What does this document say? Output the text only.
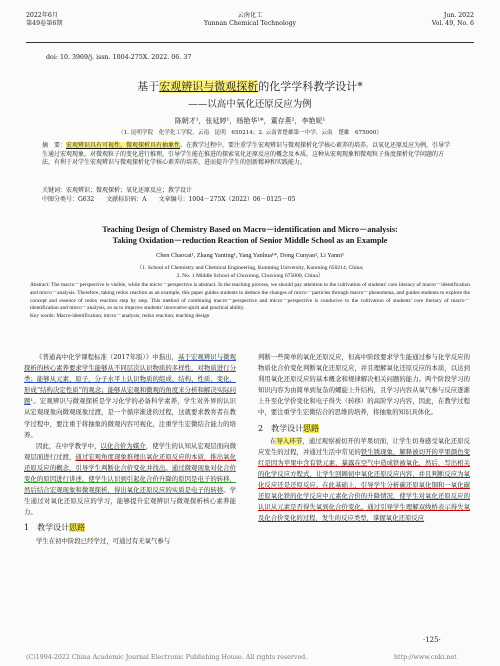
2022年6月
第49卷第6期
云南化工
Yunnan Chemical Technology
Jun. 2022
Vol. 49, No. 6
doi: 10. 3969/j. issn. 1004-275X. 2022. 06. 37
基于宏观辨识与微观探析的化学学科教学设计*
——以高中氧化还原反应为例
陈朝才¹，张延婷¹，杨艳华¹*，董存燕²，李艳妮¹
（1. 昆明学院　化学化工学院，云南　昆明　650214；2. 云南省楚雄第一中学，云南　楚雄　675000）
摘　要：宏观辨识具有可视性，微观探析具有抽象性。在教学过程中，要注重学生宏观辨识与微观探析化学核心素养的培养。以氧化还原反应为例，引导学生通过宏观现象，对微观粒子的变化进行推理，引导学生能在推进的探索氧化还原反应的概念及本质。这种从宏观现象和微观粒子角度探析化学问题的方法，有利于对学生宏观辨识与微观探析化学核心素养的培养，进而提升学生的创新精神和实践能力。
关键词：宏观辨识；微观探析；氧化还原反应；教学设计
中图分类号：G632　　文献标识码：A　　文章编号：1004－275X（2022）06－0125－05
Teaching Design of Chemistry Based on Macro－identification and Micro－analysis:
Taking Oxidation－reduction Reaction of Senior Middle School as an Example
Chen Chaocai¹, Zhang Yanting¹, Yang Yanhua¹*, Dong Cunyan², Li Yanni¹
（1. School of Chemistry and Chemical Engineering, Kunming University, Kunming 650214, China;
2. No. 1 Middle School of Chuxiong, Chuxiong 675000, China）
Abstract: The macro－perspective is visible, while the micro－perspective is abstract. In the teaching process, we should pay attention to the cultivation of students' core literacy of macro－identification and micro－analysis. Therefore, taking redox reaction as an example, this paper guides students to deduce the changes of micro－particles through macro－phenomena, and guides students to explore the concept and essence of redox reaction step by step. This method of combining macro－perspective and micro－perspective is conducive to the cultivation of students' core literacy of macro－identification and micro－analysis, so as to improve students' innovative spirit and practical ability.
Key words: Macro-identification; micro－analysis; redox reaction; teaching design

《普通高中化学课程标准（2017年版）》中指出，基于宏观辨识与微观探析的核心素养要求学生能够从不同层次认识物质的多样性，对物质进行分类；能够从元素、原子、分子水平上认识物质的组成、结构、性质、变化，形成“结构决定性质”的观念；能够从宏观和微观的角度来分析和解决实际问题¹。宏观辨识与微观探析是学习化学的必备科学素养，学生对外界的认识从宏观现象向微观现象过渡，是一个循序渐进的过程，这就要求教育者在教学过程中，要注重于将抽象的微观内容可视化，注重学生宏微结合能力的培养。

因此，在中学教学中，以化合价为媒介，使学生的认知从宏观层面向微观层面进行过渡，通过宏观角度现象推理出氧化还原反应的本质，推出氧化还原反应的概念，引导学生判断化合价变化并找出。通过微观现象对化合价变化的原因进行讲述，使学生认识到引起化合价升降的原因是电子的转移，然后结合宏观现象和微观探析，得出氧化还原反应的实质是电子的转移。学生通过对氧化还原反应的学习，能够提升宏观辨识与微观探析核心素养能力。

1　教学设计思路

学生在初中阶段已经学过，可通过有无氧气参与

判断一些简单的氧化还原反应，但高中阶段要求学生能通过参与化学反应的物质化合价变化判断氧化还原反应，并且理解氧化还原反应的本质，以达到利用氧化还原反应的基本概念和规律解决相关问题的能力。两个阶段学习的知识内容为由简单到复杂的螺旋上升结构，且学习内容从氧气参与反应逐渐上升至化学价变化和电子得失（转移）的高阶学习内容，因此，在教学过程中，要注重学生宏微结合的思维的培养，将抽象的知识具体化。

2　教学设计思路

在导入环节，通过观察被切开的苹果切面，让学生切身感受氧化还原反应发生的过程，并通过生活中常见的铁生锈现象，解释被切开的苹果颜色变红是因为苹果中含有铁元素，暴露在空气中造成铁被氧化，然后，写出相关的化学反应方程式，让学生回顾初中氧化还原反应内容，并且判断反应为氧化反应还是还原反应。在此基础上，引导学生分析碳还原氧化铜和一氧化碳还原氧化铁的化学反应中元素化合价的升降情况，使学生对氧化还原反应的认识从元素是否得失氧到化合价变化。通过引导学生理解双线桥表示得失氧及化合价变化的过程，发生的反应类型，掌握氧化还原反应

·125·
(C)1994-2022 China Academic Journal Electronic Publishing House. All rights reserved.	http://www.cnki.net
